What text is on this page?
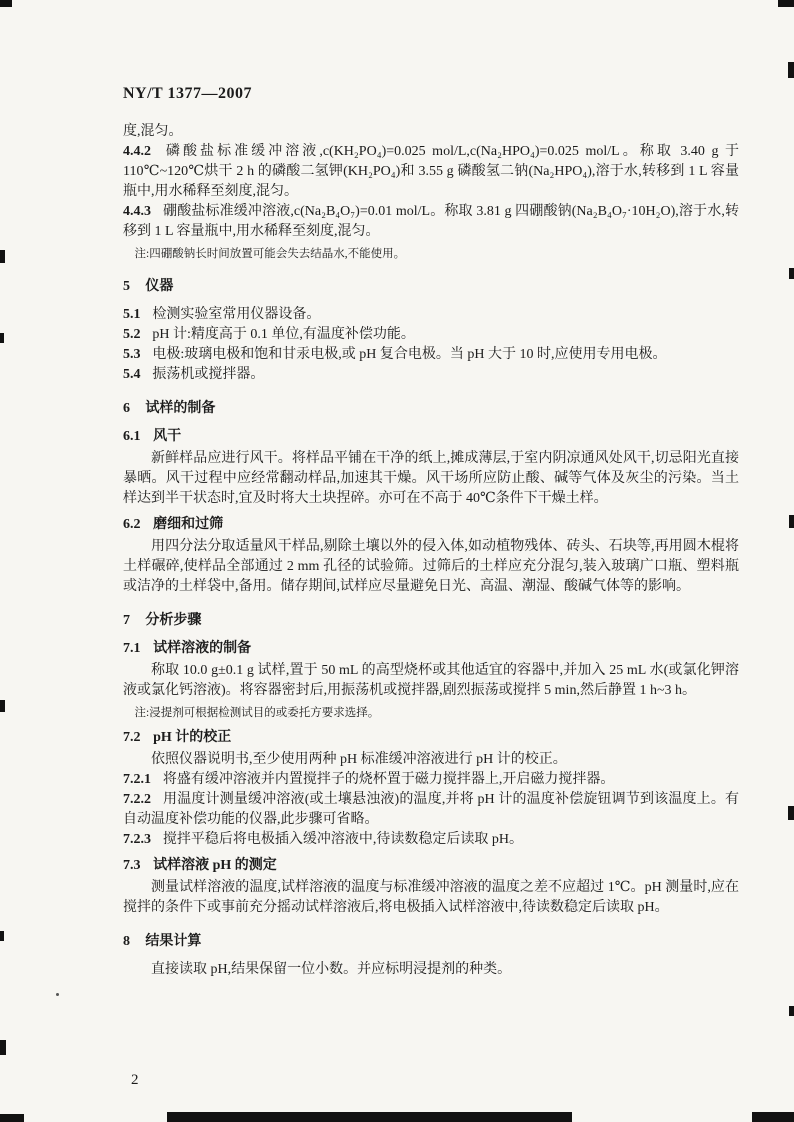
NY/T 1377—2007

度,混匀。

4.4.2 磷酸盐标准缓冲溶液,c(KH₂PO₄)=0.025 mol/L,c(Na₂HPO₄)=0.025 mol/L。称取 3.40 g 于 110℃~120℃烘干 2 h 的磷酸二氢钾(KH₂PO₄)和 3.55 g 磷酸氢二钠(Na₂HPO₄),溶于水,转移到 1 L 容量瓶中,用水稀释至刻度,混匀。

4.4.3 硼酸盐标准缓冲溶液,c(Na₂B₄O₇)=0.01 mol/L。称取 3.81 g 四硼酸钠(Na₂B₄O₇·10H₂O),溶于水,转移到 1 L 容量瓶中,用水稀释至刻度,混匀。

注:四硼酸钠长时间放置可能会失去结晶水,不能使用。

5 仪器

5.1 检测实验室常用仪器设备。

5.2 pH 计:精度高于 0.1 单位,有温度补偿功能。

5.3 电极:玻璃电极和饱和甘汞电极,或 pH 复合电极。当 pH 大于 10 时,应使用专用电极。

5.4 振荡机或搅拌器。

6 试样的制备

6.1 风干

新鲜样品应进行风干。将样品平铺在干净的纸上,摊成薄层,于室内阴凉通风处风干,切忌阳光直接暴晒。风干过程中应经常翻动样品,加速其干燥。风干场所应防止酸、碱等气体及灰尘的污染。当土样达到半干状态时,宜及时将大土块捏碎。亦可在不高于 40℃条件下干燥土样。

6.2 磨细和过筛

用四分法分取适量风干样品,剔除土壤以外的侵入体,如动植物残体、砖头、石块等,再用圆木棍将土样碾碎,使样品全部通过 2 mm 孔径的试验筛。过筛后的土样应充分混匀,装入玻璃广口瓶、塑料瓶或洁净的土样袋中,备用。储存期间,试样应尽量避免日光、高温、潮湿、酸碱气体等的影响。

7 分析步骤

7.1 试样溶液的制备

称取 10.0 g±0.1 g 试样,置于 50 mL 的高型烧杯或其他适宜的容器中,并加入 25 mL 水(或氯化钾溶液或氯化钙溶液)。将容器密封后,用振荡机或搅拌器,剧烈振荡或搅拌 5 min,然后静置 1 h~3 h。

注:浸提剂可根据检测试目的或委托方要求选择。

7.2 pH 计的校正

依照仪器说明书,至少使用两种 pH 标准缓冲溶液进行 pH 计的校正。

7.2.1 将盛有缓冲溶液并内置搅拌子的烧杯置于磁力搅拌器上,开启磁力搅拌器。

7.2.2 用温度计测量缓冲溶液(或土壤悬浊液)的温度,并将 pH 计的温度补偿旋钮调节到该温度上。有自动温度补偿功能的仪器,此步骤可省略。

7.2.3 搅拌平稳后将电极插入缓冲溶液中,待读数稳定后读取 pH。

7.3 试样溶液 pH 的测定

测量试样溶液的温度,试样溶液的温度与标准缓冲溶液的温度之差不应超过 1℃。pH 测量时,应在搅拌的条件下或事前充分摇动试样溶液后,将电极插入试样溶液中,待读数稳定后读取 pH。

8 结果计算

直接读取 pH,结果保留一位小数。并应标明浸提剂的种类。

2
